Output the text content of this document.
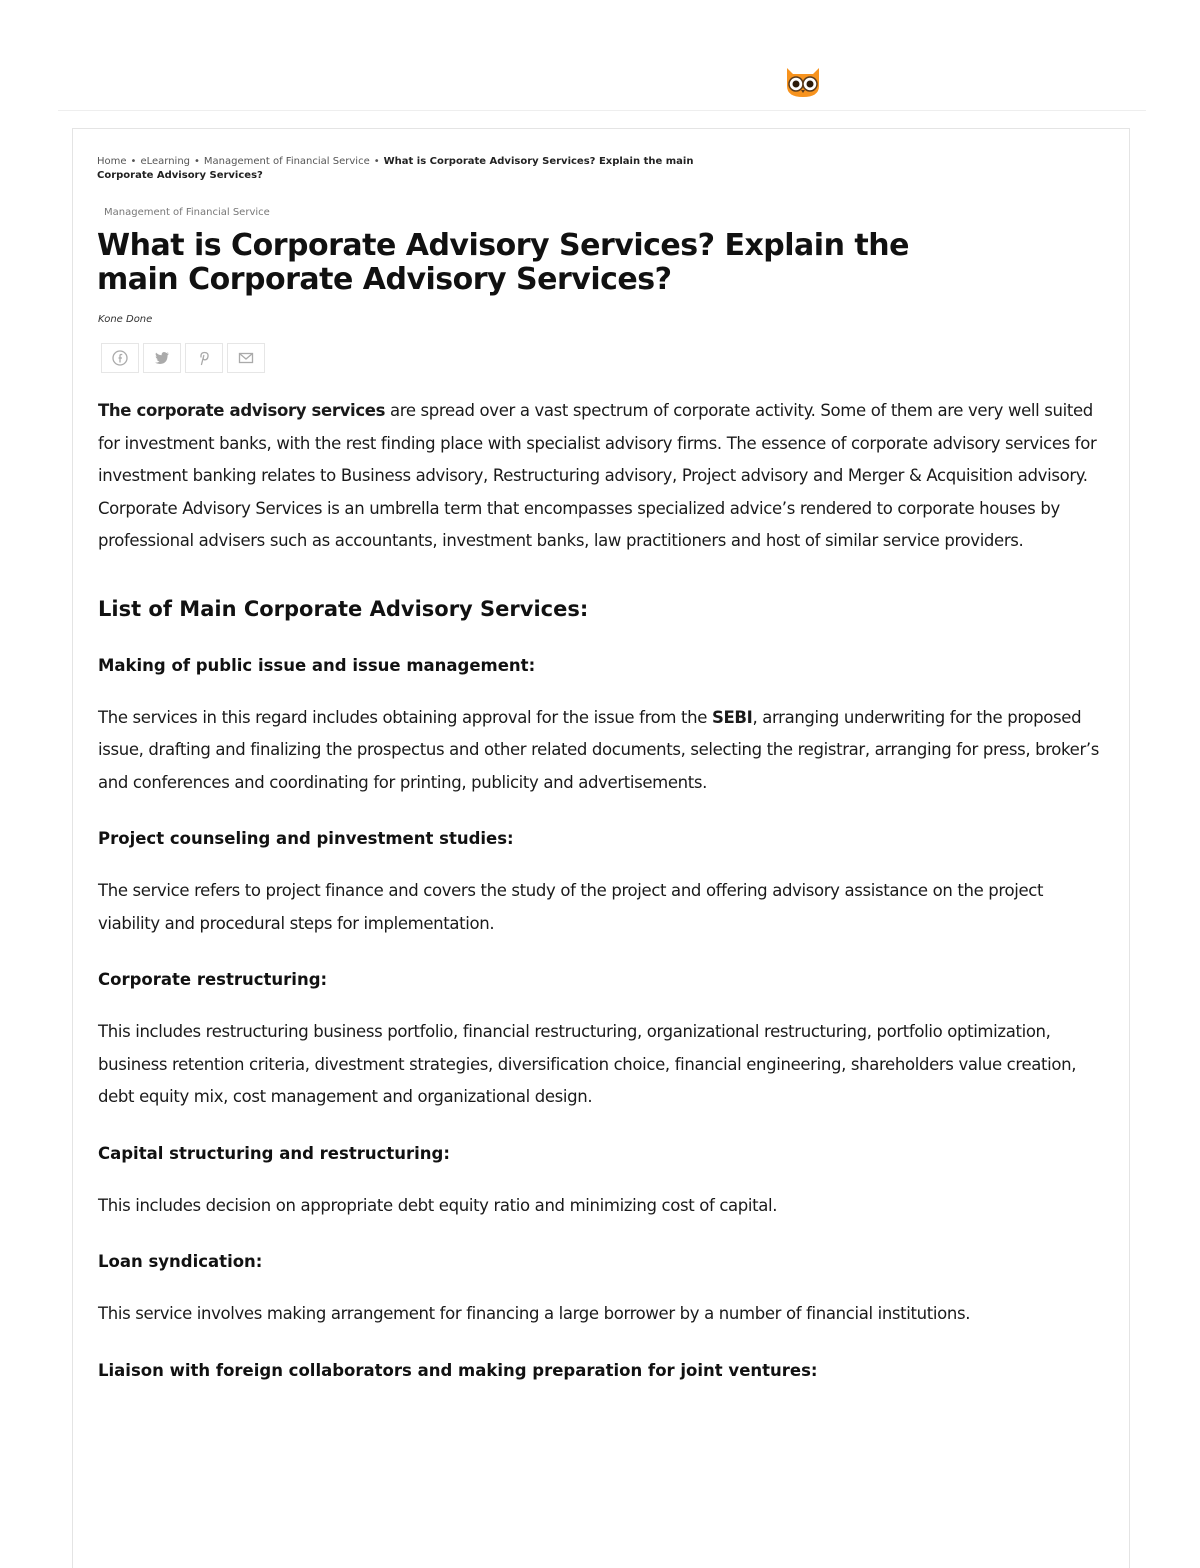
Home • eLearning • Management of Financial Service • What is Corporate Advisory Services? Explain the main Corporate Advisory Services?
Management of Financial Service
What is Corporate Advisory Services? Explain the main Corporate Advisory Services?
Kone Done

The corporate advisory services are spread over a vast spectrum of corporate activity. Some of them are very well suited for investment banks, with the rest finding place with specialist advisory firms. The essence of corporate advisory services for investment banking relates to Business advisory, Restructuring advisory, Project advisory and Merger & Acquisition advisory. Corporate Advisory Services is an umbrella term that encompasses specialized advice’s rendered to corporate houses by professional advisers such as accountants, investment banks, law practitioners and host of similar service providers.

List of Main Corporate Advisory Services:
Making of public issue and issue management:

The services in this regard includes obtaining approval for the issue from the SEBI, arranging underwriting for the proposed issue, drafting and finalizing the prospectus and other related documents, selecting the registrar, arranging for press, broker’s and conferences and coordinating for printing, publicity and advertisements.

Project counseling and pinvestment studies:

The service refers to project finance and covers the study of the project and offering advisory assistance on the project viability and procedural steps for implementation.

Corporate restructuring:

This includes restructuring business portfolio, financial restructuring, organizational restructuring, portfolio optimization, business retention criteria, divestment strategies, diversification choice, financial engineering, shareholders value creation, debt equity mix, cost management and organizational design.

Capital structuring and restructuring:

This includes decision on appropriate debt equity ratio and minimizing cost of capital.

Loan syndication:

This service involves making arrangement for financing a large borrower by a number of financial institutions.

Liaison with foreign collaborators and making preparation for joint ventures:
